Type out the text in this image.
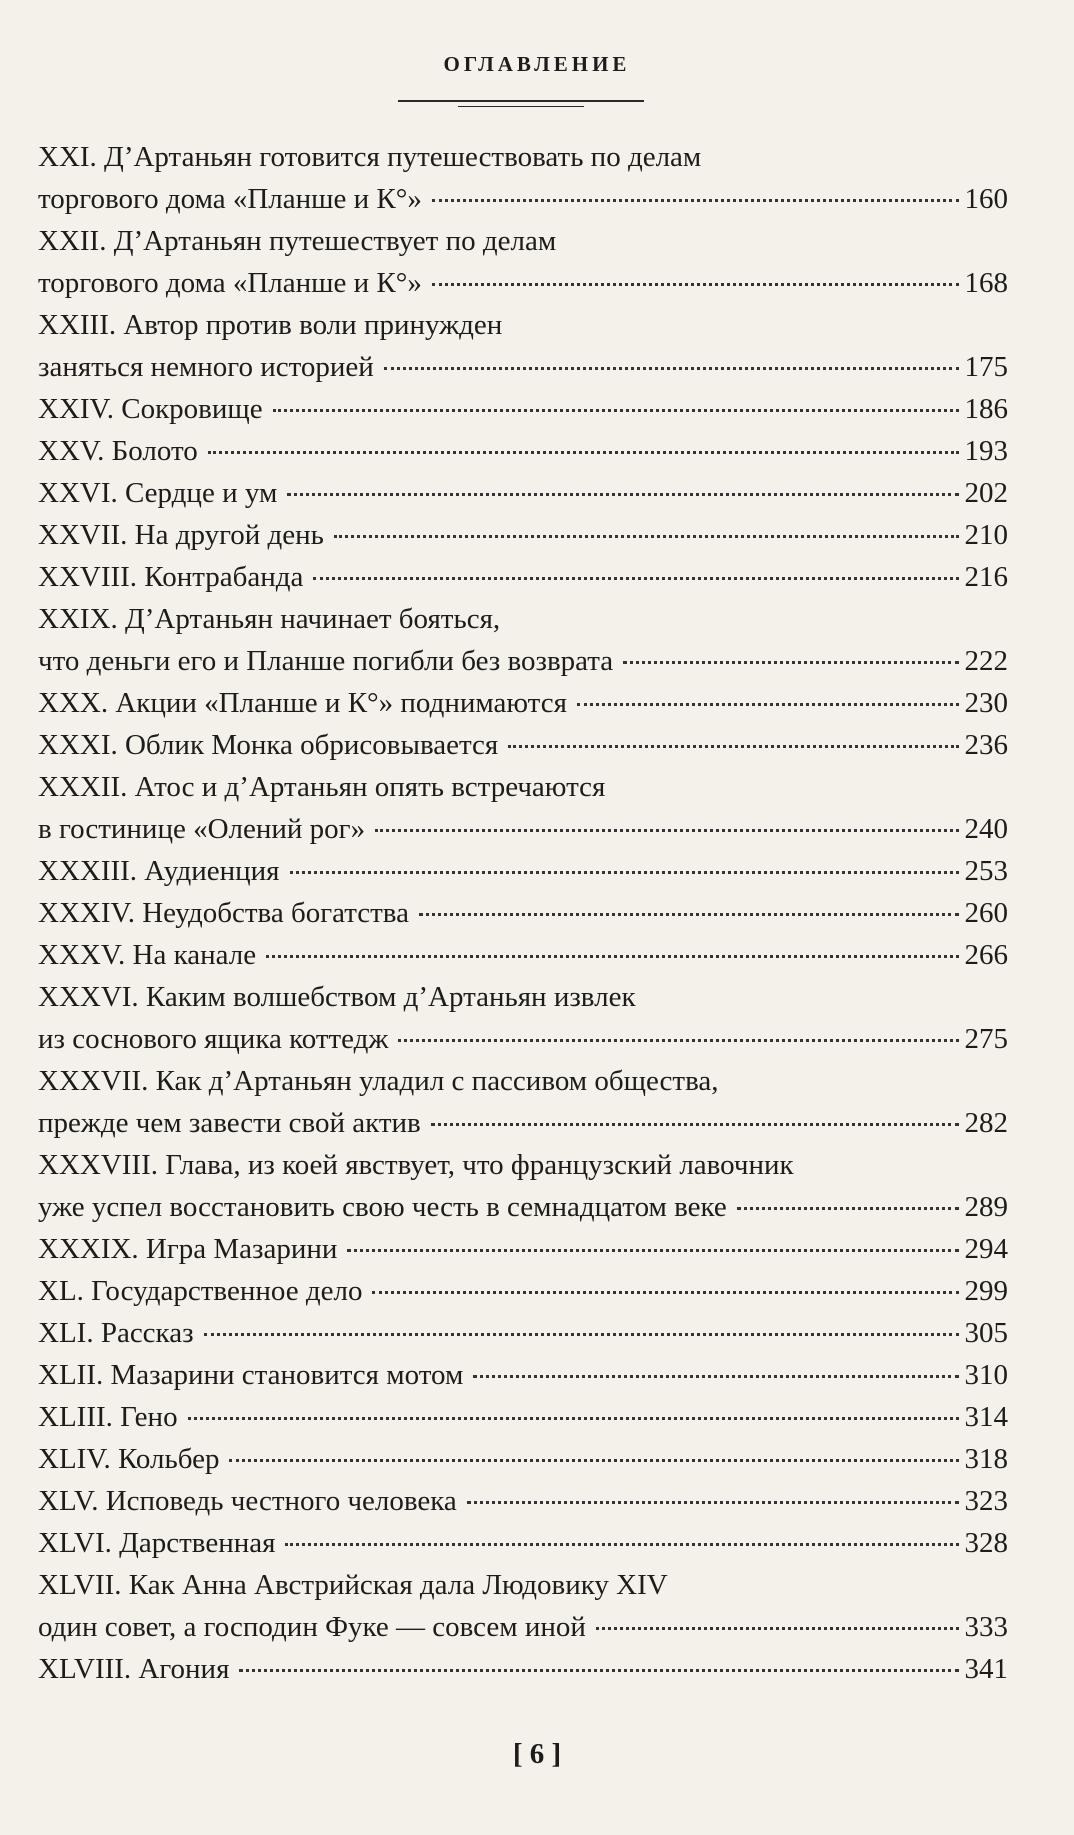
ОГЛАВЛЕНИЕ
XXI. Д’Артаньян готовится путешествовать по делам
торгового дома «Планше и К°»	160
XXII. Д’Артаньян путешествует по делам
торгового дома «Планше и К°»	168
XXIII. Автор против воли принужден
заняться немного историей	175
XXIV. Сокровище	186
XXV. Болото	193
XXVI. Сердце и ум	202
XXVII. На другой день	210
XXVIII. Контрабанда	216
XXIX. Д’Артаньян начинает бояться,
что деньги его и Планше погибли без возврата	222
XXX. Акции «Планше и К°» поднимаются	230
XXXI. Облик Монка обрисовывается	236
XXXII. Атос и д’Артаньян опять встречаются
в гостинице «Олений рог»	240
XXXIII. Аудиенция	253
XXXIV. Неудобства богатства	260
XXXV. На канале	266
XXXVI. Каким волшебством д’Артаньян извлек
из соснового ящика коттедж	275
XXXVII. Как д’Артаньян уладил с пассивом общества,
прежде чем завести свой актив	282
XXXVIII. Глава, из коей явствует, что французский лавочник
уже успел восстановить свою честь в семнадцатом веке	289
XXXIX. Игра Мазарини	294
XL. Государственное дело	299
XLI. Рассказ	305
XLII. Мазарини становится мотом	310
XLIII. Гено	314
XLIV. Кольбер	318
XLV. Исповедь честного человека	323
XLVI. Дарственная	328
XLVII. Как Анна Австрийская дала Людовику XIV
один совет, а господин Фуке — совсем иной	333
XLVIII. Агония	341
[ 6 ]
